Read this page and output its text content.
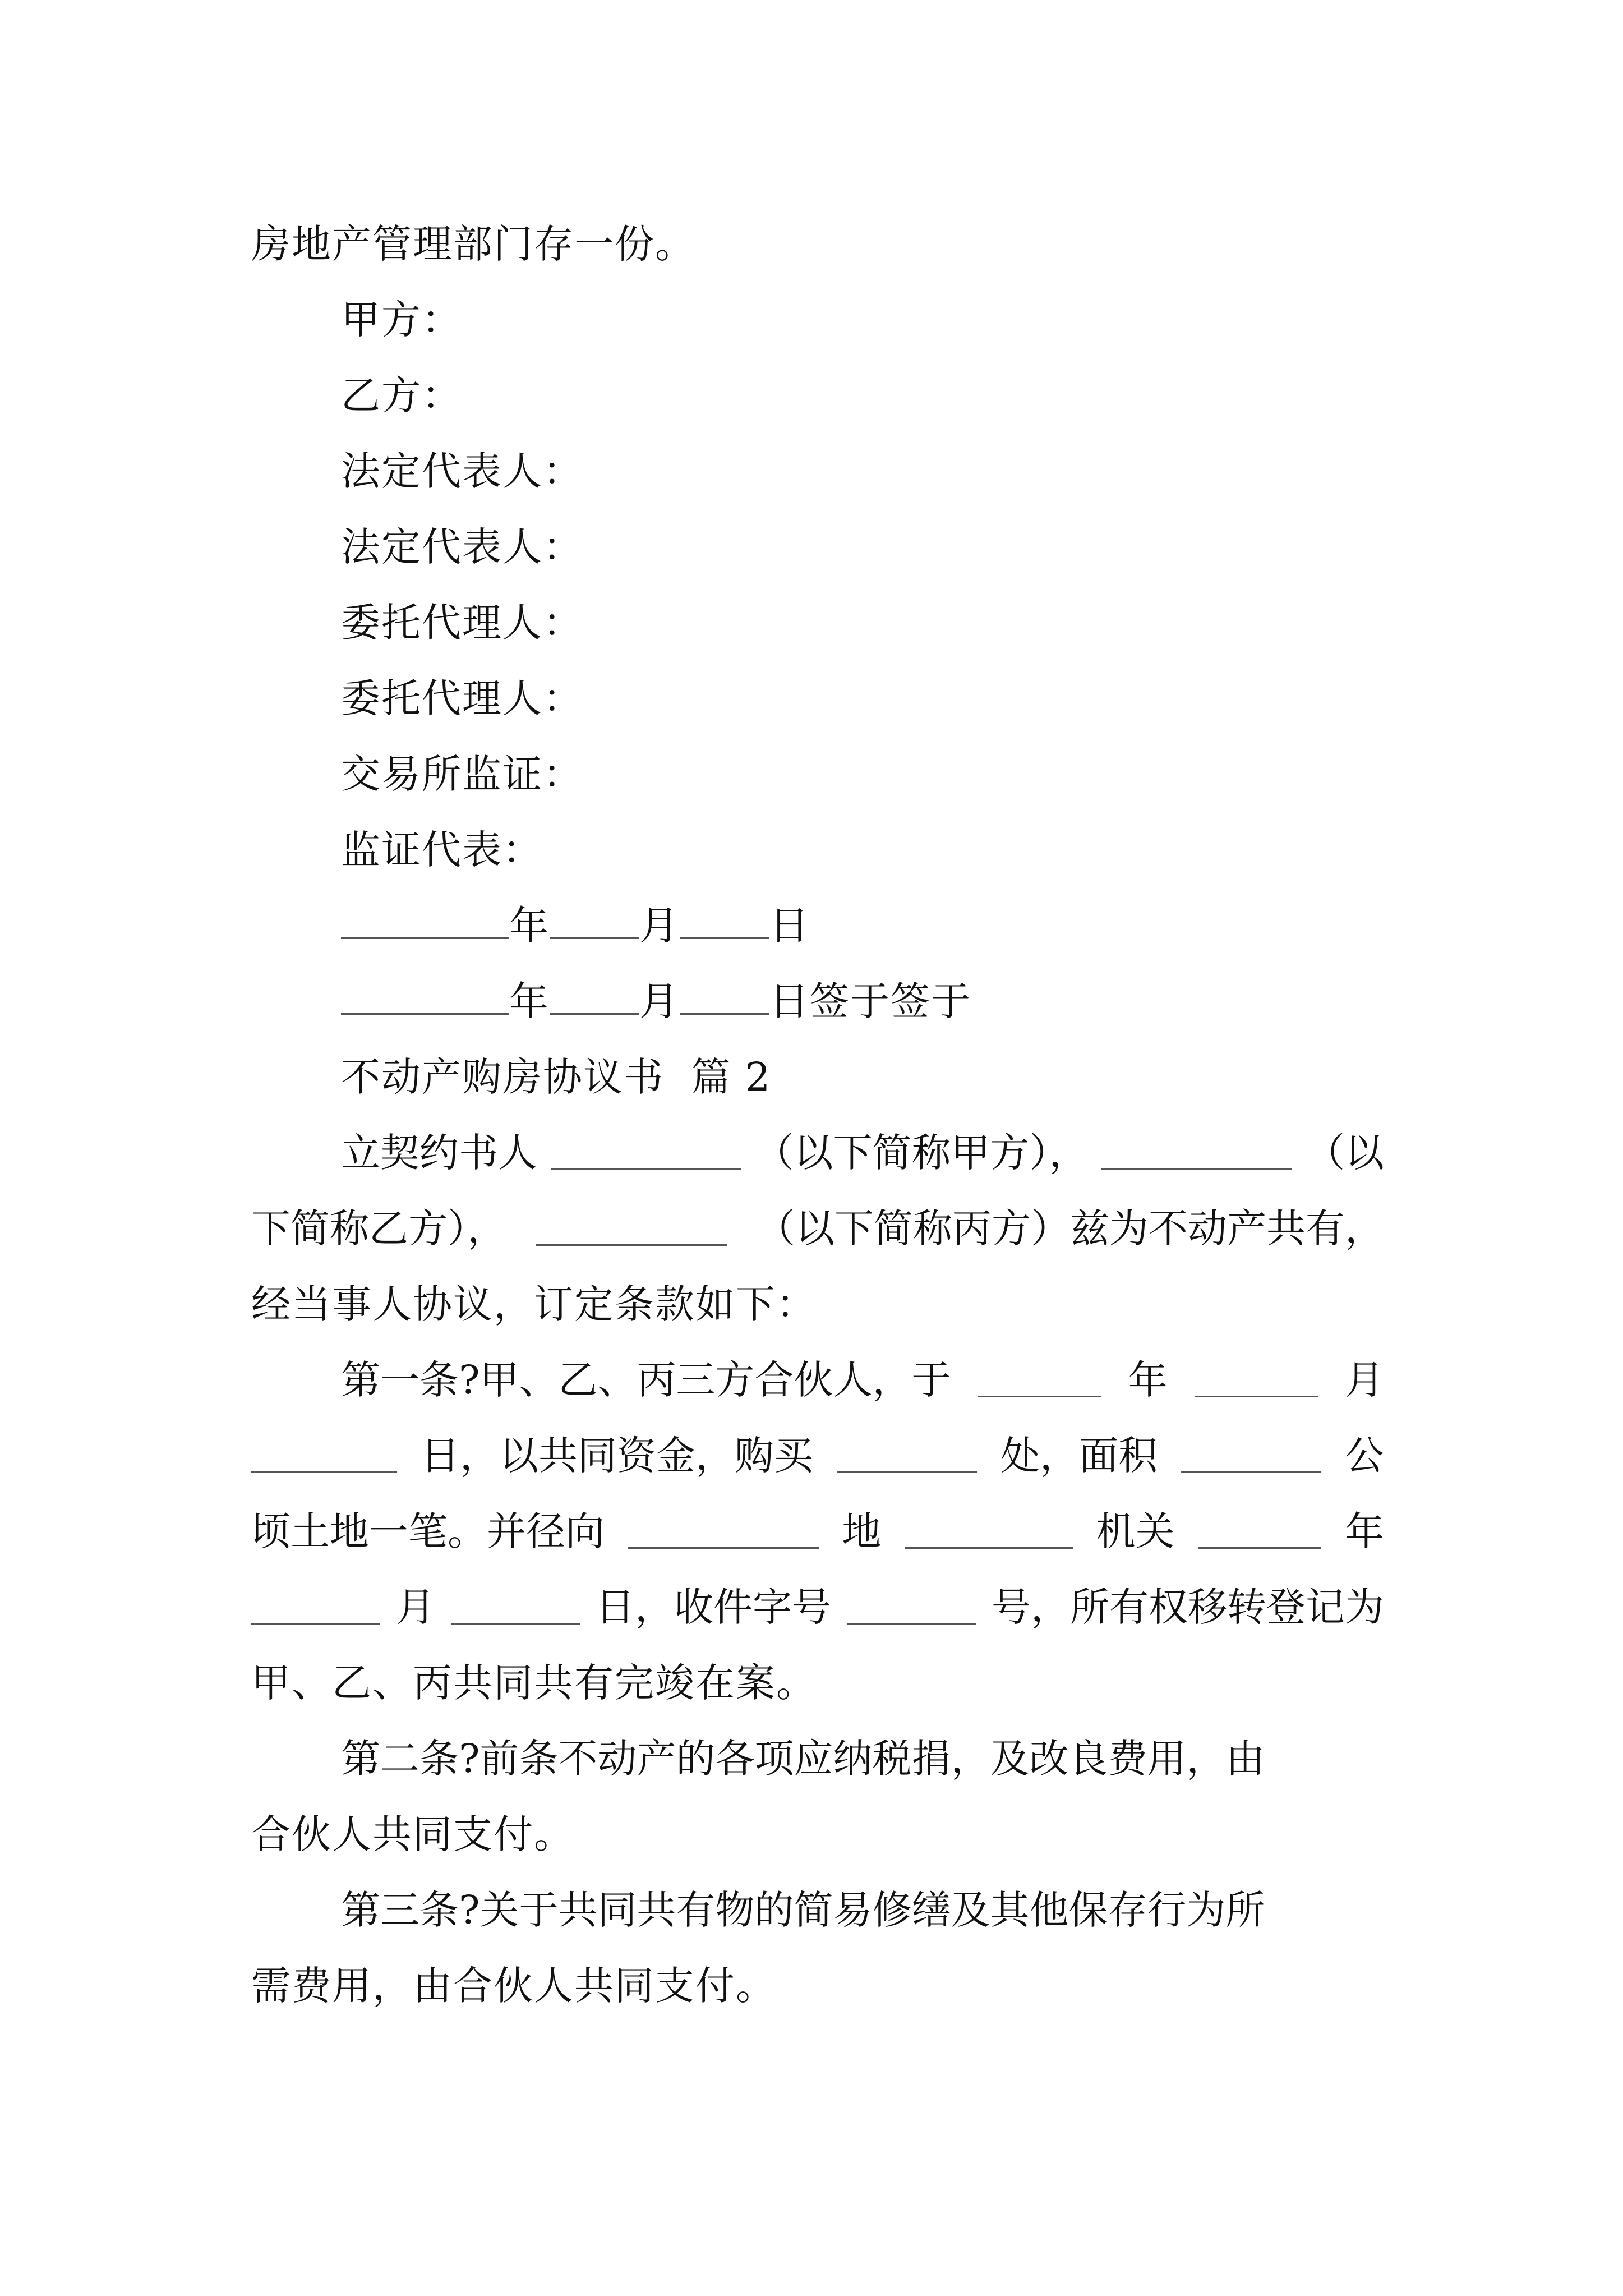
房地产管理部门存一份。
甲方：
乙方：
法定代表人：
法定代表人：
委托代理人：
委托代理人：
交易所监证：
监证代表：
年 月 日
年 月 日签于签于
不动产购房协议书  篇 2
立契约书人	（以下简称甲方），	（以
下简称乙方），	（以下简称丙方）兹为不动产共有，
经当事人协议，订定条款如下：
第一条?甲、乙、丙三方合伙人，于	年	月
日，以共同资金，购买	处，面积	公
顷土地一笔。并径向	地	机关	年
月	日，收件字号	号，所有权移转登记为
甲、乙、丙共同共有完竣在案。
第二条?前条不动产的各项应纳税捐，及改良费用，由
合伙人共同支付。
第三条?关于共同共有物的简易修缮及其他保存行为所
需费用，由合伙人共同支付。
